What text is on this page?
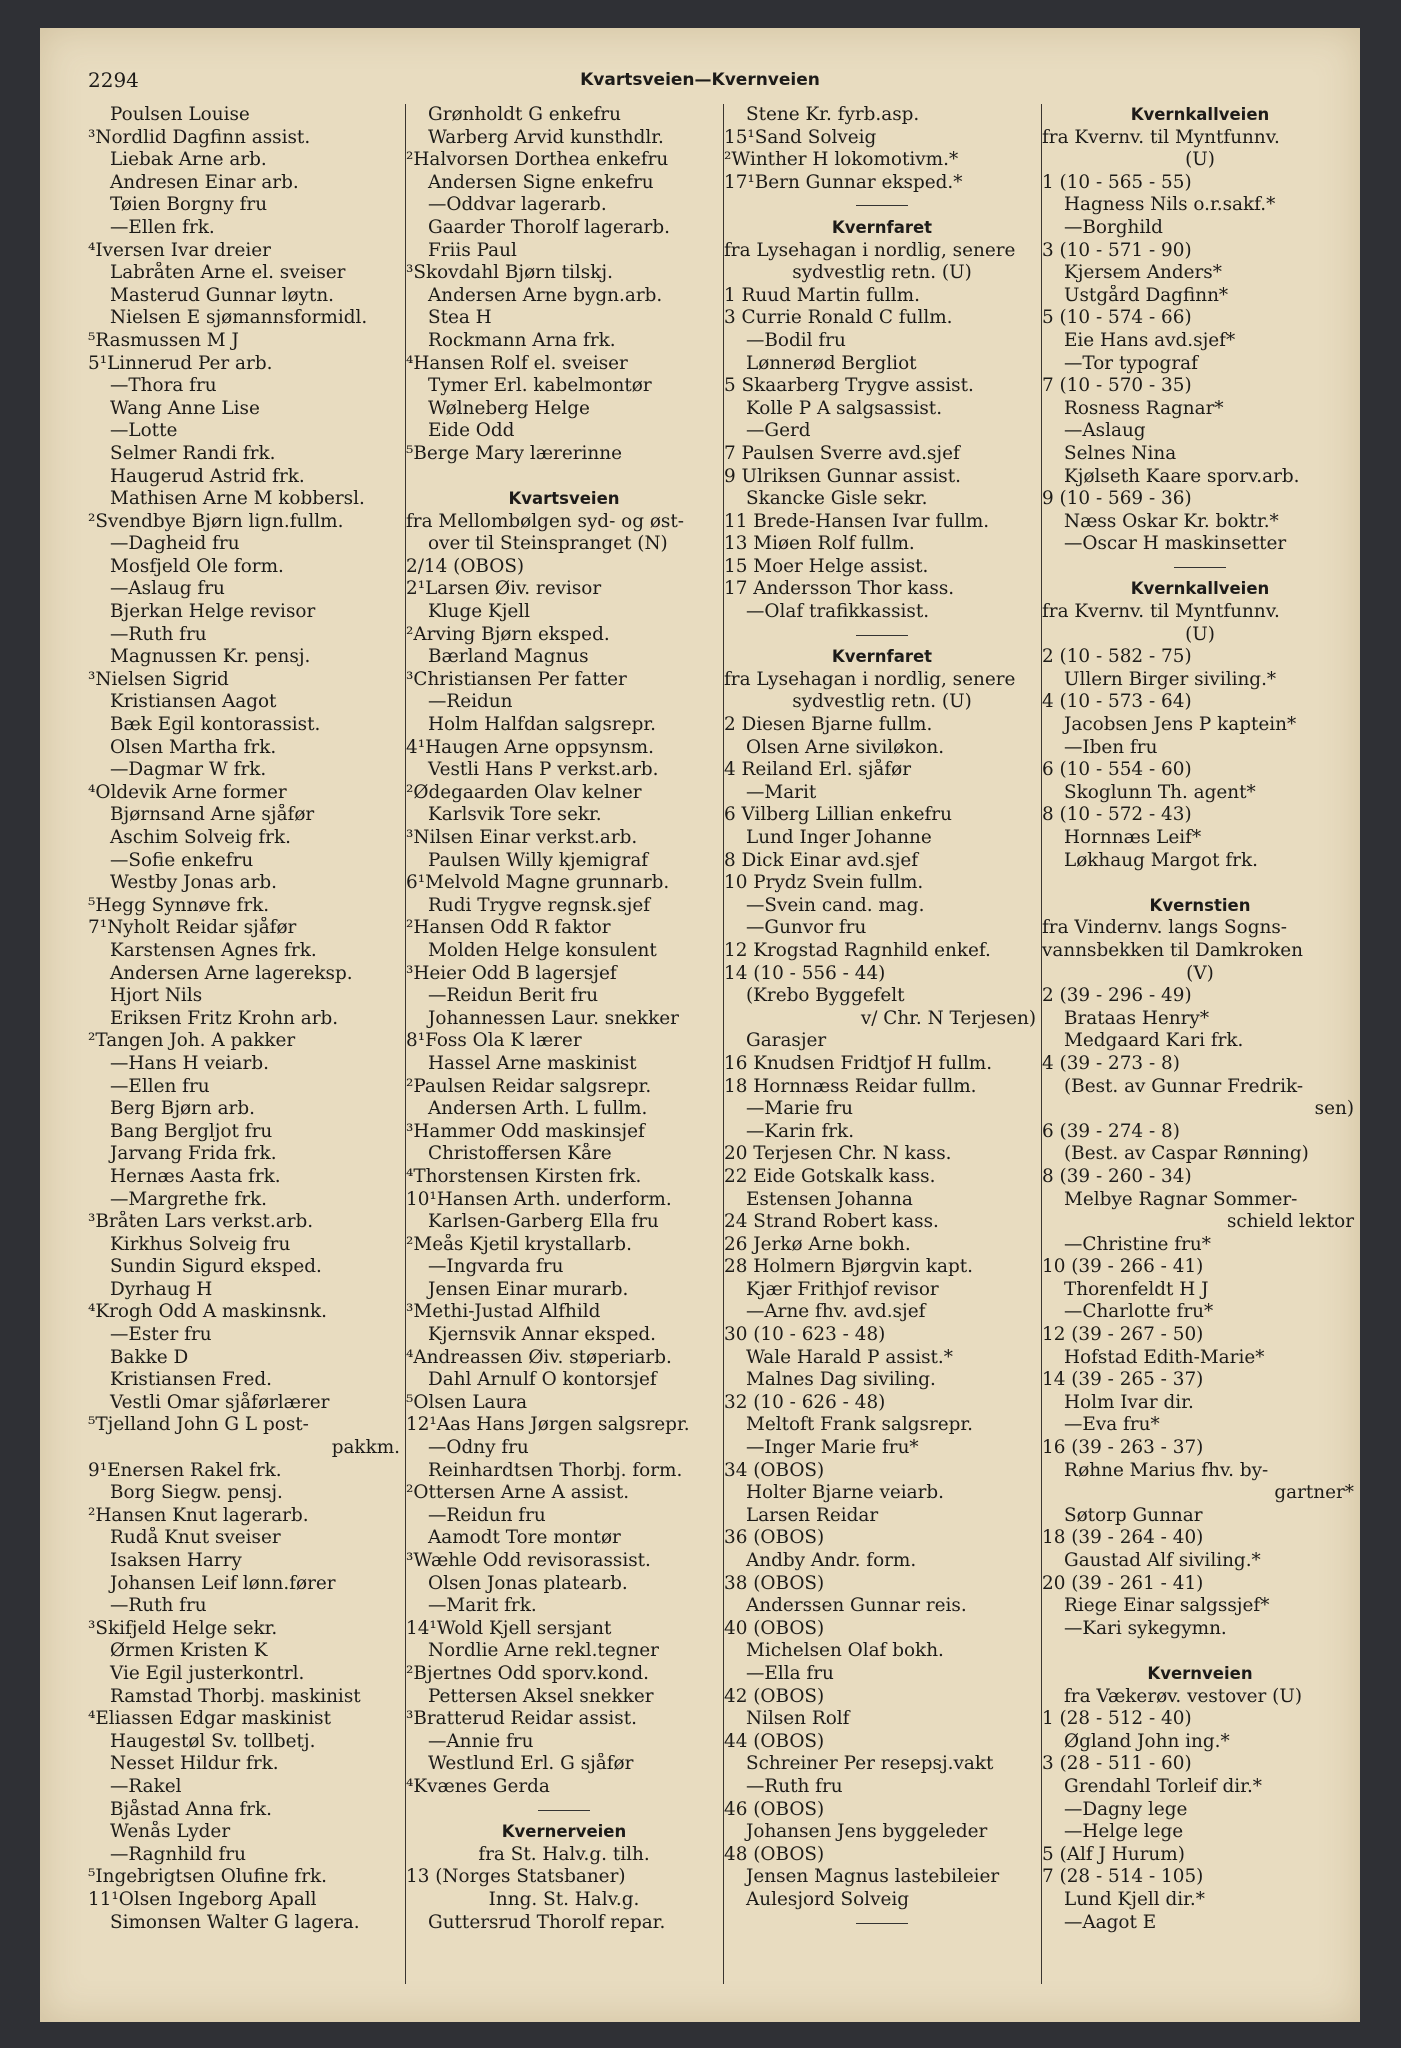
2294	Kvartsveien—Kvernveien
Poulsen Louise
³Nordlid Dagfinn assist.
Liebak Arne arb.
Andresen Einar arb.
Tøien Borgny fru
—Ellen frk.
⁴Iversen Ivar dreier
Labråten Arne el. sveiser
Masterud Gunnar løytn.
Nielsen E sjømannsformidl.
⁵Rasmussen M J
5¹Linnerud Per arb.
—Thora fru
Wang Anne Lise
—Lotte
Selmer Randi frk.
Haugerud Astrid frk.
Mathisen Arne M kobbersl.
²Svendbye Bjørn lign.fullm.
—Dagheid fru
Mosfjeld Ole form.
—Aslaug fru
Bjerkan Helge revisor
—Ruth fru
Magnussen Kr. pensj.
³Nielsen Sigrid
Kristiansen Aagot
Bæk Egil kontorassist.
Olsen Martha frk.
—Dagmar W frk.
⁴Oldevik Arne former
Bjørnsand Arne sjåfør
Aschim Solveig frk.
—Sofie enkefru
Westby Jonas arb.
⁵Hegg Synnøve frk.
7¹Nyholt Reidar sjåfør
Karstensen Agnes frk.
Andersen Arne lagereksp.
Hjort Nils
Eriksen Fritz Krohn arb.
²Tangen Joh. A pakker
—Hans H veiarb.
—Ellen fru
Berg Bjørn arb.
Bang Bergljot fru
Jarvang Frida frk.
Hernæs Aasta frk.
—Margrethe frk.
³Bråten Lars verkst.arb.
Kirkhus Solveig fru
Sundin Sigurd eksped.
Dyrhaug H
⁴Krogh Odd A maskinsnk.
—Ester fru
Bakke D
Kristiansen Fred.
Vestli Omar sjåførlærer
⁵Tjelland John G L post-
pakkm.
9¹Enersen Rakel frk.
Borg Siegw. pensj.
²Hansen Knut lagerarb.
Rudå Knut sveiser
Isaksen Harry
Johansen Leif lønn.fører
—Ruth fru
³Skifjeld Helge sekr.
Ørmen Kristen K
Vie Egil justerkontrl.
Ramstad Thorbj. maskinist
⁴Eliassen Edgar maskinist
Haugestøl Sv. tollbetj.
Nesset Hildur frk.
—Rakel
Bjåstad Anna frk.
Wenås Lyder
—Ragnhild fru
⁵Ingebrigtsen Olufine frk.
11¹Olsen Ingeborg Apall
Simonsen Walter G lagera.
Grønholdt G enkefru
Warberg Arvid kunsthdlr.
²Halvorsen Dorthea enkefru
Andersen Signe enkefru
—Oddvar lagerarb.
Gaarder Thorolf lagerarb.
Friis Paul
³Skovdahl Bjørn tilskj.
Andersen Arne bygn.arb.
Stea H
Rockmann Arna frk.
⁴Hansen Rolf el. sveiser
Tymer Erl. kabelmontør
Wølneberg Helge
Eide Odd
⁵Berge Mary lærerinne

Kvartsveien
fra Mellombølgen syd- og øst-
over til Steinspranget (N)
2/14 (OBOS)
2¹Larsen Øiv. revisor
Kluge Kjell
²Arving Bjørn eksped.
Bærland Magnus
³Christiansen Per fatter
—Reidun
Holm Halfdan salgsrepr.
4¹Haugen Arne oppsynsm.
Vestli Hans P verkst.arb.
²Ødegaarden Olav kelner
Karlsvik Tore sekr.
³Nilsen Einar verkst.arb.
Paulsen Willy kjemigraf
6¹Melvold Magne grunnarb.
Rudi Trygve regnsk.sjef
²Hansen Odd R faktor
Molden Helge konsulent
³Heier Odd B lagersjef
—Reidun Berit fru
Johannessen Laur. snekker
8¹Foss Ola K lærer
Hassel Arne maskinist
²Paulsen Reidar salgsrepr.
Andersen Arth. L fullm.
³Hammer Odd maskinsjef
Christoffersen Kåre
⁴Thorstensen Kirsten frk.
10¹Hansen Arth. underform.
Karlsen-Garberg Ella fru
²Meås Kjetil krystallarb.
—Ingvarda fru
Jensen Einar murarb.
³Methi-Justad Alfhild
Kjernsvik Annar eksped.
⁴Andreassen Øiv. støperiarb.
Dahl Arnulf O kontorsjef
⁵Olsen Laura
12¹Aas Hans Jørgen salgsrepr.
—Odny fru
Reinhardtsen Thorbj. form.
²Ottersen Arne A assist.
—Reidun fru
Aamodt Tore montør
³Wæhle Odd revisorassist.
Olsen Jonas platearb.
—Marit frk.
14¹Wold Kjell sersjant
Nordlie Arne rekl.tegner
²Bjertnes Odd sporv.kond.
Pettersen Aksel snekker
³Bratterud Reidar assist.
—Annie fru
Westlund Erl. G sjåfør
⁴Kvænes Gerda
Kvernerveien
fra St. Halv.g. tilh.
13 (Norges Statsbaner)
Inng. St. Halv.g.
Guttersrud Thorolf repar.
Stene Kr. fyrb.asp.
15¹Sand Solveig
²Winther H lokomotivm.*
17¹Bern Gunnar eksped.*
Kvernfaret
fra Lysehagan i nordlig, senere
sydvestlig retn. (U)
1 Ruud Martin fullm.
3 Currie Ronald C fullm.
—Bodil fru
Lønnerød Bergliot
5 Skaarberg Trygve assist.
Kolle P A salgsassist.
—Gerd
7 Paulsen Sverre avd.sjef
9 Ulriksen Gunnar assist.
Skancke Gisle sekr.
11 Brede-Hansen Ivar fullm.
13 Miøen Rolf fullm.
15 Moer Helge assist.
17 Andersson Thor kass.
—Olaf trafikkassist.
Kvernfaret
fra Lysehagan i nordlig, senere
sydvestlig retn. (U)
2 Diesen Bjarne fullm.
Olsen Arne siviløkon.
4 Reiland Erl. sjåfør
—Marit
6 Vilberg Lillian enkefru
Lund Inger Johanne
8 Dick Einar avd.sjef
10 Prydz Svein fullm.
—Svein cand. mag.
—Gunvor fru
12 Krogstad Ragnhild enkef.
14 (10 - 556 - 44)
(Krebo Byggefelt
v/ Chr. N Terjesen)
Garasjer
16 Knudsen Fridtjof H fullm.
18 Hornnæss Reidar fullm.
—Marie fru
—Karin frk.
20 Terjesen Chr. N kass.
22 Eide Gotskalk kass.
Estensen Johanna
24 Strand Robert kass.
26 Jerkø Arne bokh.
28 Holmern Bjørgvin kapt.
Kjær Frithjof revisor
—Arne fhv. avd.sjef
30 (10 - 623 - 48)
Wale Harald P assist.*
Malnes Dag siviling.
32 (10 - 626 - 48)
Meltoft Frank salgsrepr.
—Inger Marie fru*
34 (OBOS)
Holter Bjarne veiarb.
Larsen Reidar
36 (OBOS)
Andby Andr. form.
38 (OBOS)
Anderssen Gunnar reis.
40 (OBOS)
Michelsen Olaf bokh.
—Ella fru
42 (OBOS)
Nilsen Rolf
44 (OBOS)
Schreiner Per resepsj.vakt
—Ruth fru
46 (OBOS)
Johansen Jens byggeleder
48 (OBOS)
Jensen Magnus lastebileier
Aulesjord Solveig
Kvernkallveien
fra Kvernv. til Myntfunnv.
(U)
1 (10 - 565 - 55)
Hagness Nils o.r.sakf.*
—Borghild
3 (10 - 571 - 90)
Kjersem Anders*
Ustgård Dagfinn*
5 (10 - 574 - 66)
Eie Hans avd.sjef*
—Tor typograf
7 (10 - 570 - 35)
Rosness Ragnar*
—Aslaug
Selnes Nina
Kjølseth Kaare sporv.arb.
9 (10 - 569 - 36)
Næss Oskar Kr. boktr.*
—Oscar H maskinsetter
Kvernkallveien
fra Kvernv. til Myntfunnv.
(U)
2 (10 - 582 - 75)
Ullern Birger siviling.*
4 (10 - 573 - 64)
Jacobsen Jens P kaptein*
—Iben fru
6 (10 - 554 - 60)
Skoglunn Th. agent*
8 (10 - 572 - 43)
Hornnæs Leif*
Løkhaug Margot frk.

Kvernstien
fra Vindernv. langs Sogns-
vannsbekken til Damkroken
(V)
2 (39 - 296 - 49)
Brataas Henry*
Medgaard Kari frk.
4 (39 - 273 - 8)
(Best. av Gunnar Fredrik-
sen)
6 (39 - 274 - 8)
(Best. av Caspar Rønning)
8 (39 - 260 - 34)
Melbye Ragnar Sommer-
schield lektor
—Christine fru*
10 (39 - 266 - 41)
Thorenfeldt H J
—Charlotte fru*
12 (39 - 267 - 50)
Hofstad Edith-Marie*
14 (39 - 265 - 37)
Holm Ivar dir.
—Eva fru*
16 (39 - 263 - 37)
Røhne Marius fhv. by-
gartner*
Søtorp Gunnar
18 (39 - 264 - 40)
Gaustad Alf siviling.*
20 (39 - 261 - 41)
Riege Einar salgssjef*
—Kari sykegymn.

Kvernveien
fra Vækerøv. vestover (U)
1 (28 - 512 - 40)
Øgland John ing.*
3 (28 - 511 - 60)
Grendahl Torleif dir.*
—Dagny lege
—Helge lege
5 (Alf J Hurum)
7 (28 - 514 - 105)
Lund Kjell dir.*
—Aagot E
